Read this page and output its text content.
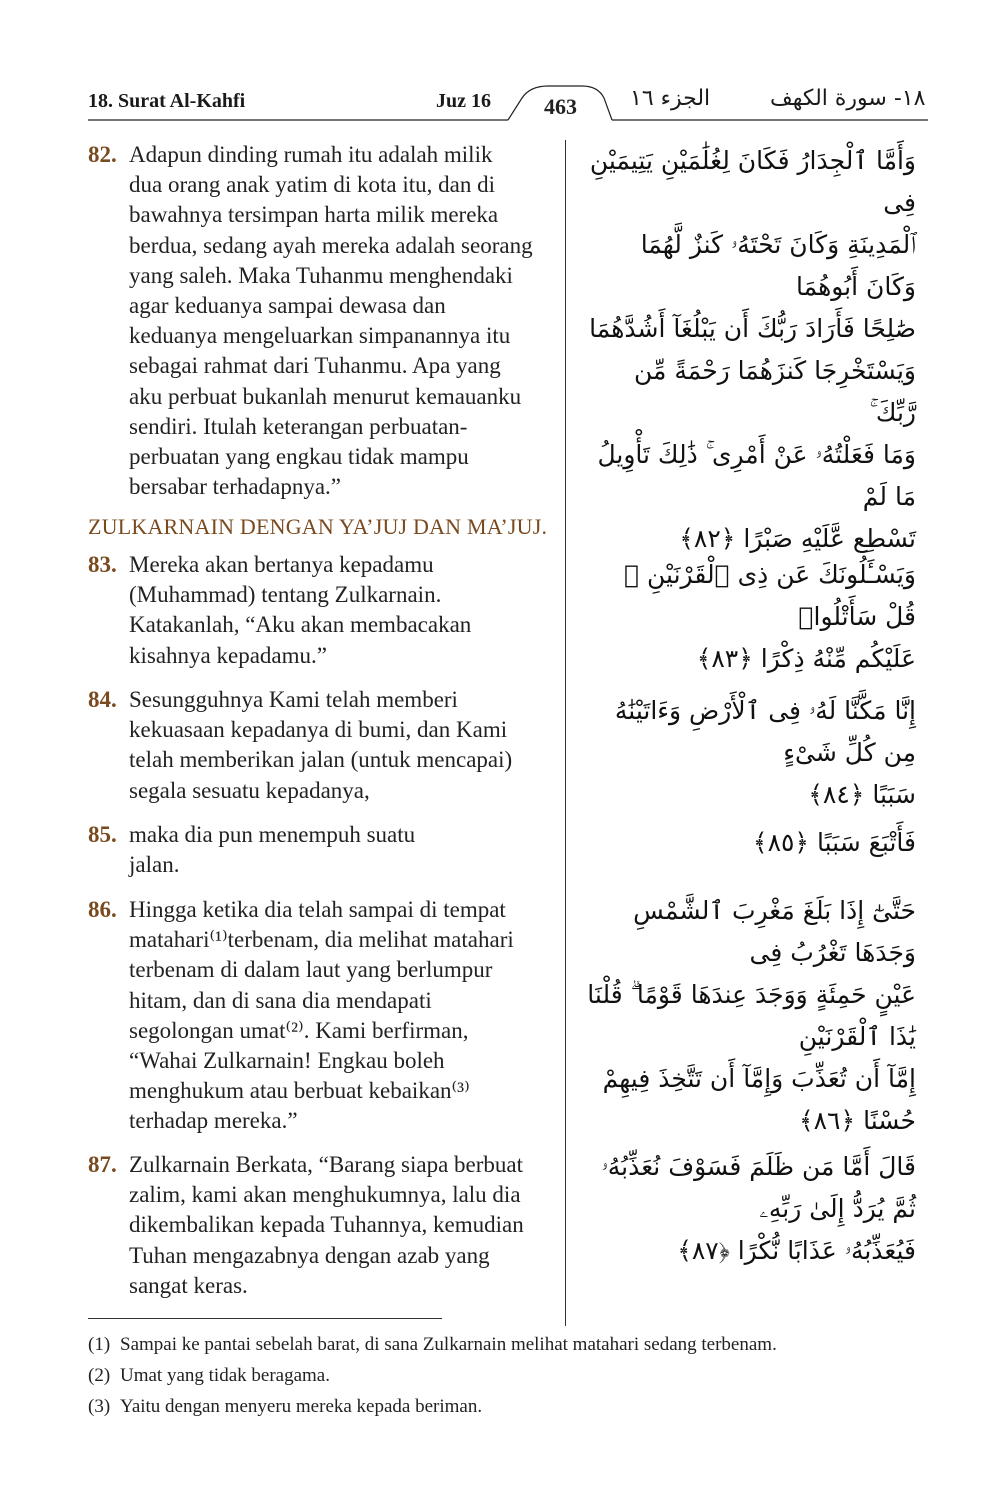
18. Surat Al-Kahfi	Juz 16 463 الجزء ١٦	١٨- سورة الكهف
82. Adapun dinding rumah itu adalah milik
dua orang anak yatim di kota itu, dan di
bawahnya tersimpan harta milik mereka
berdua, sedang ayah mereka adalah seorang
yang saleh. Maka Tuhanmu menghendaki
agar keduanya sampai dewasa dan
keduanya mengeluarkan simpanannya itu
sebagai rahmat dari Tuhanmu. Apa yang
aku perbuat bukanlah menurut kemauanku
sendiri. Itulah keterangan perbuatan-
perbuatan yang engkau tidak mampu
bersabar terhadapnya.”
وَأَمَّا ٱلْجِدَارُ فَكَانَ لِغُلَٰمَيْنِ يَتِيمَيْنِ فِى
ٱلْمَدِينَةِ وَكَانَ تَحْتَهُۥ كَنزٌ لَّهُمَا وَكَانَ أَبُوهُمَا
صَٰلِحًا فَأَرَادَ رَبُّكَ أَن يَبْلُغَآ أَشُدَّهُمَا
وَيَسْتَخْرِجَا كَنزَهُمَا رَحْمَةً مِّن رَّبِّكَ ۚ
وَمَا فَعَلْتُهُۥ عَنْ أَمْرِى ۚ ذَٰلِكَ تَأْوِيلُ مَا لَمْ
تَسْطِع عَّلَيْهِ صَبْرًا ﴿٨٢﴾
ZULKARNAIN DENGAN YA’JUJ DAN MA’JUJ.
83. Mereka akan bertanya kepadamu
(Muhammad) tentang Zulkarnain.
Katakanlah, “Aku akan membacakan
kisahnya kepadamu.”
وَيَسْـَٔلُونَكَ عَن ذِى ٱلْقَرْنَيْنِ ۖ قُلْ سَأَتْلُوا۟
عَلَيْكُم مِّنْهُ ذِكْرًا ﴿٨٣﴾
84. Sesungguhnya Kami telah memberi
kekuasaan kepadanya di bumi, dan Kami
telah memberikan jalan (untuk mencapai)
segala sesuatu kepadanya,
إِنَّا مَكَّنَّا لَهُۥ فِى ٱلْأَرْضِ وَءَاتَيْنَٰهُ مِن كُلِّ شَىْءٍ
سَبَبًا ﴿٨٤﴾
85. maka dia pun menempuh suatu
jalan.
فَأَتْبَعَ سَبَبًا ﴿٨٥﴾
86. Hingga ketika dia telah sampai di tempat
matahari⁽¹⁾terbenam, dia melihat matahari
terbenam di dalam laut yang berlumpur
hitam, dan di sana dia mendapati
segolongan umat⁽²⁾. Kami berfirman,
“Wahai Zulkarnain! Engkau boleh
menghukum atau berbuat kebaikan⁽³⁾
terhadap mereka.”
حَتَّىٰٓ إِذَا بَلَغَ مَغْرِبَ ٱلشَّمْسِ وَجَدَهَا تَغْرُبُ فِى
عَيْنٍ حَمِئَةٍ وَوَجَدَ عِندَهَا قَوْمًا ۗ قُلْنَا يَٰذَا ٱلْقَرْنَيْنِ
إِمَّآ أَن تُعَذِّبَ وَإِمَّآ أَن تَتَّخِذَ فِيهِمْ حُسْنًا ﴿٨٦﴾
87. Zulkarnain Berkata, “Barang siapa berbuat
zalim, kami akan menghukumnya, lalu dia
dikembalikan kepada Tuhannya, kemudian
Tuhan mengazabnya dengan azab yang
sangat keras.
قَالَ أَمَّا مَن ظَلَمَ فَسَوْفَ نُعَذِّبُهُۥ ثُمَّ يُرَدُّ إِلَىٰ رَبِّهِۦ
فَيُعَذِّبُهُۥ عَذَابًا نُّكْرًا ﴿٨٧﴾
(1) Sampai ke pantai sebelah barat, di sana Zulkarnain melihat matahari sedang terbenam.
(2) Umat yang tidak beragama.
(3) Yaitu dengan menyeru mereka kepada beriman.
